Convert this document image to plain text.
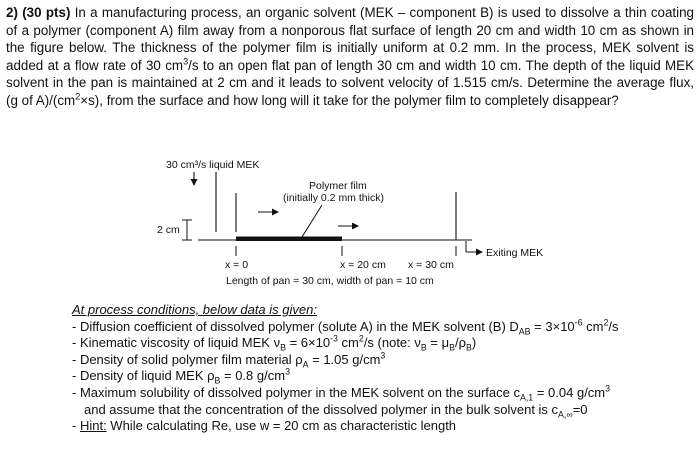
2) (30 pts) In a manufacturing process, an organic solvent (MEK – component B) is used to dissolve a thin coating of a polymer (component A) film away from a nonporous flat surface of length 20 cm and width 10 cm as shown in the figure below. The thickness of the polymer film is initially uniform at 0.2 mm. In the process, MEK solvent is added at a flow rate of 30 $cm^3/s$ to an open flat pan of length 30 cm and width 10 cm. The depth of the liquid MEK solvent in the pan is maintained at 2 cm and it leads to solvent velocity of 1.515 cm/s. Determine the average flux, (g of $A)/(cm^2\times s)$, from the surface and how long will it take for the polymer film to completely disappear?

30 cm³/s liquid MEK
Polymer film
(initially 0.2 mm thick)
2 cm
Exiting MEK
x = 0	x = 20 cm x = 30 cm
Length of pan = 30 cm, width of pan = 10 cm
At process conditions, below data is given:
- Diffusion coefficient of dissolved polymer (solute A) in the MEK solvent (B) $D_{AB} = 3\times 10^{-6}$ $cm^2/s$
- Kinematic viscosity of liquid MEK $\nu_B = 6\times 10^{-3}$ $cm^2/s$ (note: $\nu_B = \mu_B/\rho_B$)
- Density of solid polymer film material $\rho_A = 1.05$ $g/cm^3$
- Density of liquid MEK $\rho_B = 0.8$ $g/cm^3$
- Maximum solubility of dissolved polymer in the MEK solvent on the surface $c_{A,1} = 0.04$ $g/cm^3$
and assume that the concentration of the dissolved polymer in the bulk solvent is $c_{A,\infty}=0$
- Hint: While calculating Re, use w = 20 cm as characteristic length
